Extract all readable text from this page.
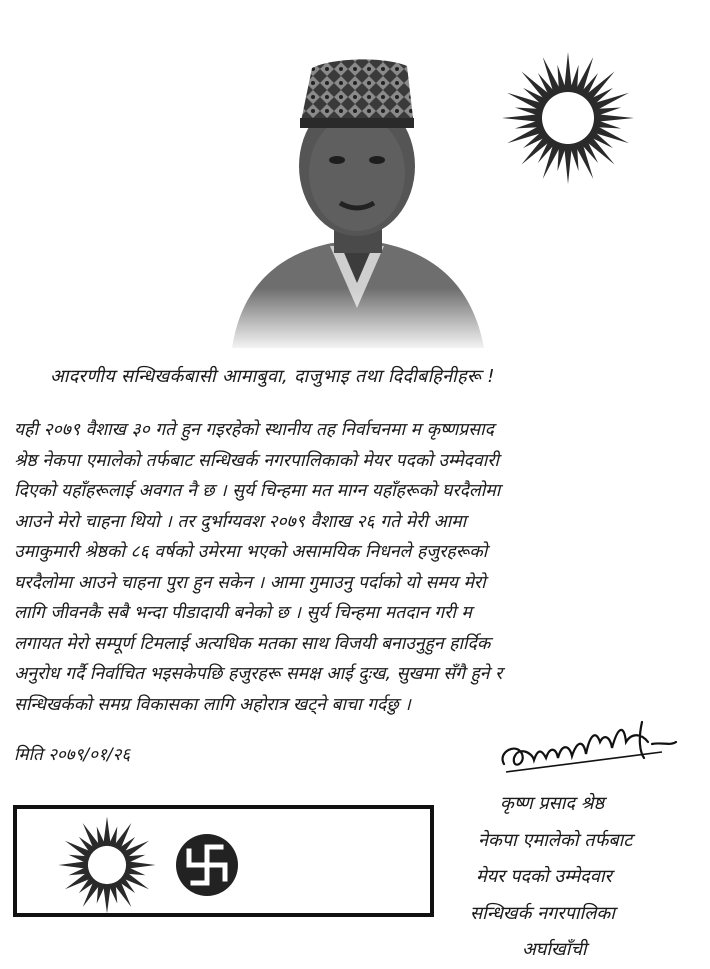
आदरणीय सन्धिखर्कबासी आमाबुवा, दाजुभाइ तथा दिदीबहिनीहरू !
यही २०७९ वैशाख ३० गते हुन गइरहेको स्थानीय तह निर्वाचनमा म कृष्णप्रसाद
श्रेष्ठ नेकपा एमालेको तर्फबाट सन्धिखर्क नगरपालिकाको मेयर पदको उम्मेदवारी
दिएको यहाँहरूलाई अवगत नै छ । सुर्य चिन्हमा मत माग्न यहाँहरूको घरदैलोमा
आउने मेरो चाहना थियो । तर दुर्भाग्यवश २०७९ वैशाख २६ गते मेरी आमा
उमाकुमारी श्रेष्ठको ८६ वर्षको उमेरमा भएको असामयिक निधनले हजुरहरूको
घरदैलोमा आउने चाहना पुरा हुन सकेन । आमा गुमाउनु पर्दाको यो समय मेरो
लागि जीवनकै सबै भन्दा पीडादायी बनेको छ । सुर्य चिन्हमा मतदान गरी म
लगायत मेरो सम्पूर्ण टिमलाई अत्यधिक मतका साथ विजयी बनाउनुहुन हार्दिक
अनुरोध गर्दै निर्वाचित भइसकेपछि हजुरहरू समक्ष आई दुःख, सुखमा सँगै हुने र
सन्धिखर्कको समग्र विकासका लागि अहोरात्र खट्ने बाचा गर्दछु ।
मिति २०७९/०१/२६
कृष्ण प्रसाद श्रेष्ठ
नेकपा एमालेको तर्फबाट
मेयर पदको उम्मेदवार
सन्धिखर्क नगरपालिका
अर्घाखाँची
